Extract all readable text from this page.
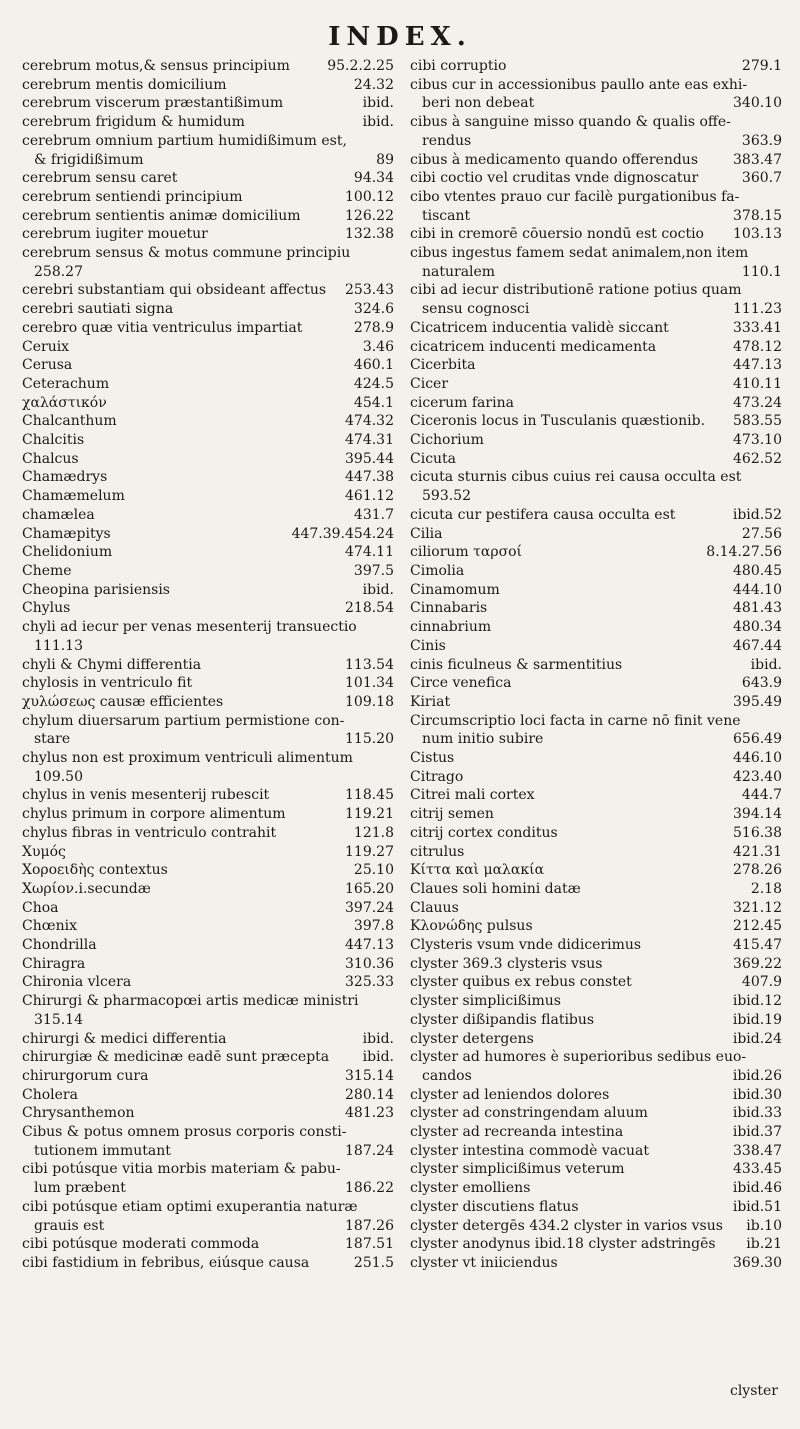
INDEX.
cerebrum motus,& sensus principium	95.2.2.25
cerebrum mentis domicilium	24.32
cerebrum viscerum præstantißimum	ibid.
cerebrum frigidum & humidum	ibid.
cerebrum omnium partium humidißimum est,
& frigidißimum	89
cerebrum sensu caret	94.34
cerebrum sentiendi principium	100.12
cerebrum sentientis animæ domicilium	126.22
cerebrum iugiter mouetur	132.38
cerebrum sensus & motus commune principiu
258.27
cerebri substantiam qui obsideant affectus	253.43
cerebri sautiati signa	324.6
cerebro quæ vitia ventriculus impartiat	278.9
Ceruix	3.46
Cerusa	460.1
Ceterachum	424.5
χαλάστικόν	454.1
Chalcanthum	474.32
Chalcitis	474.31
Chalcus	395.44
Chamædrys	447.38
Chamæmelum	461.12
chamælea	431.7
Chamæpitys	447.39.454.24
Chelidonium	474.11
Cheme	397.5
Cheopina parisiensis	ibid.
Chylus	218.54
chyli ad iecur per venas mesenterij transuectio
111.13
chyli & Chymi differentia	113.54
chylosis in ventriculo fit	101.34
χυλώσεως causæ efficientes	109.18
chylum diuersarum partium permistione con-
stare	115.20
chylus non est proximum ventriculi alimentum
109.50
chylus in venis mesenterij rubescit	118.45
chylus primum in corpore alimentum	119.21
chylus fibras in ventriculo contrahit	121.8
Χυμός	119.27
Χοροειδὴς contextus	25.10
Χωρίον.i.secundæ	165.20
Choa	397.24
Chœnix	397.8
Chondrilla	447.13
Chiragra	310.36
Chironia vlcera	325.33
Chirurgi & pharmacopœi artis medicæ ministri
315.14
chirurgi & medici differentia	ibid.
chirurgiæ & medicinæ eadē sunt præcepta	ibid.
chirurgorum cura	315.14
Cholera	280.14
Chrysanthemon	481.23
Cibus & potus omnem prosus corporis consti-
tutionem immutant	187.24
cibi potúsque vitia morbis materiam & pabu-
lum præbent	186.22
cibi potúsque etiam optimi exuperantia naturæ
grauis est	187.26
cibi potúsque moderati commoda	187.51
cibi fastidium in febribus, eiúsque causa	251.5
cibi corruptio	279.1
cibus cur in accessionibus paullo ante eas exhi-
beri non debeat	340.10
cibus à sanguine misso quando & qualis offe-
rendus	363.9
cibus à medicamento quando offerendus	383.47
cibi coctio vel cruditas vnde dignoscatur	360.7
cibo vtentes prauo cur facilè purgationibus fa-
tiscant	378.15
cibi in cremorē cōuersio nondū est coctio	103.13
cibus ingestus famem sedat animalem,non item
naturalem	110.1
cibi ad iecur distributionē ratione potius quam
sensu cognosci	111.23
Cicatricem inducentia validè siccant	333.41
cicatricem inducenti medicamenta	478.12
Cicerbita	447.13
Cicer	410.11
cicerum farina	473.24
Ciceronis locus in Tusculanis quæstionib.	583.55
Cichorium	473.10
Cicuta	462.52
cicuta sturnis cibus cuius rei causa occulta est
593.52
cicuta cur pestifera causa occulta est	ibid.52
Cilia	27.56
ciliorum ταρσοί	8.14.27.56
Cimolia	480.45
Cinamomum	444.10
Cinnabaris	481.43
cinnabrium	480.34
Cinis	467.44
cinis ficulneus & sarmentitius	ibid.
Circe venefica	643.9
Kiriat	395.49
Circumscriptio loci facta in carne nō finit vene
num initio subire	656.49
Cistus	446.10
Citrago	423.40
Citrei mali cortex	444.7
citrij semen	394.14
citrij cortex conditus	516.38
citrulus	421.31
Κίττα καὶ μαλακία	278.26
Claues soli homini datæ	2.18
Clauus	321.12
Κλονώδης pulsus	212.45
Clysteris vsum vnde didicerimus	415.47
clyster 369.3 clysteris vsus	369.22
clyster quibus ex rebus constet	407.9
clyster simplicißimus	ibid.12
clyster dißipandis flatibus	ibid.19
clyster detergens	ibid.24
clyster ad humores è superioribus sedibus euo-
candos	ibid.26
clyster ad leniendos dolores	ibid.30
clyster ad constringendam aluum	ibid.33
clyster ad recreanda intestina	ibid.37
clyster intestina commodè vacuat	338.47
clyster simplicißimus veterum	433.45
clyster emolliens	ibid.46
clyster discutiens flatus	ibid.51
clyster detergēs 434.2 clyster in varios vsus	ib.10
clyster anodynus ibid.18 clyster adstringēs	ib.21
clyster vt iniiciendus	369.30
clyster
